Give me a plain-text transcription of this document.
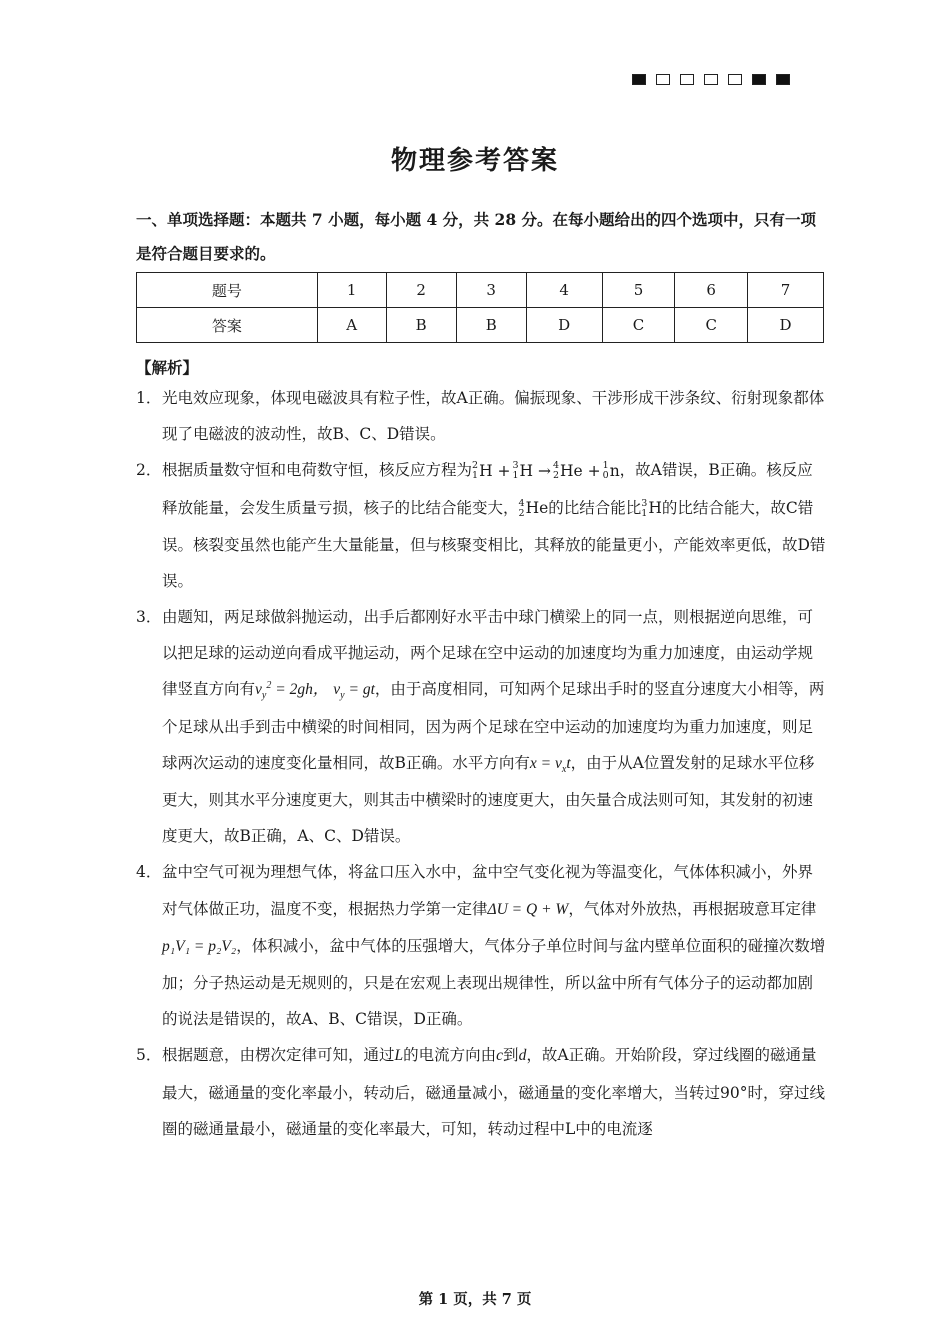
物理参考答案
一、单项选择题：本题共 7 小题，每小题 4 分，共 28 分。在每小题给出的四个选项中，只有一项是符合题目要求的。
题号	1	2	3	4	5	6	7
答案	A	B	B	D	C	C	D
【解析】
1． 光电效应现象，体现电磁波具有粒子性，故A正确。偏振现象、干涉形成干涉条纹、衍射现象都体现了电磁波的波动性，故B、C、D错误。
2． 根据质量数守恒和电荷数守恒，核反应方程为 2
1 H + 3
1 H → 4
2 He + 1
0 n，故A错误，B正确。核反应释放能量，会发生质量亏损，核子的比结合能变大， 4
2 He的比结合能比 3
1 H的比结合能大，故C错误。核裂变虽然也能产生大量能量，但与核聚变相比，其释放的能量更小，产能效率更低，故D错误。
3． 由题知，两足球做斜抛运动，出手后都刚好水平击中球门横梁上的同一点，则根据逆向思维，可以把足球的运动逆向看成平抛运动，两个足球在空中运动的加速度均为重力加速度，由运动学规律竖直方向有$v_y^2 = 2gh$， $v_y$ = gt，由于高度相同，可知两个足球出手时的竖直分速度大小相等，两个足球从出手到击中横梁的时间相同，因为两个足球在空中运动的加速度均为重力加速度，则足球两次运动的速度变化量相同，故B正确。水平方向有$x = v_xt$，由于从A位置发射的足球水平位移更大，则其水平分速度更大，则其击中横梁时的速度更大，由矢量合成法则可知，其发射的初速度更大，故B正确，A、C、D错误。
4． 盆中空气可视为理想气体，将盆口压入水中，盆中空气变化视为等温变化，气体体积减小，外界对气体做正功，温度不变，根据热力学第一定律ΔU = Q + W，气体对外放热，再根据玻意耳定律p₁V₁ = p₂V₂，体积减小，盆中气体的压强增大，气体分子单位时间与盆内壁单位面积的碰撞次数增加；分子热运动是无规则的，只是在宏观上表现出规律性，所以盆中所有气体分子的运动都加剧的说法是错误的，故A、B、C错误，D正确。
5． 根据题意，由楞次定律可知，通过L的电流方向由c到d，故A正确。开始阶段，穿过线圈的磁通量最大，磁通量的变化率最小，转动后，磁通量减小，磁通量的变化率增大，当转过90°时，穿过线圈的磁通量最小，磁通量的变化率最大，可知，转动过程中L中的电流逐
第 1 页，共 7 页
